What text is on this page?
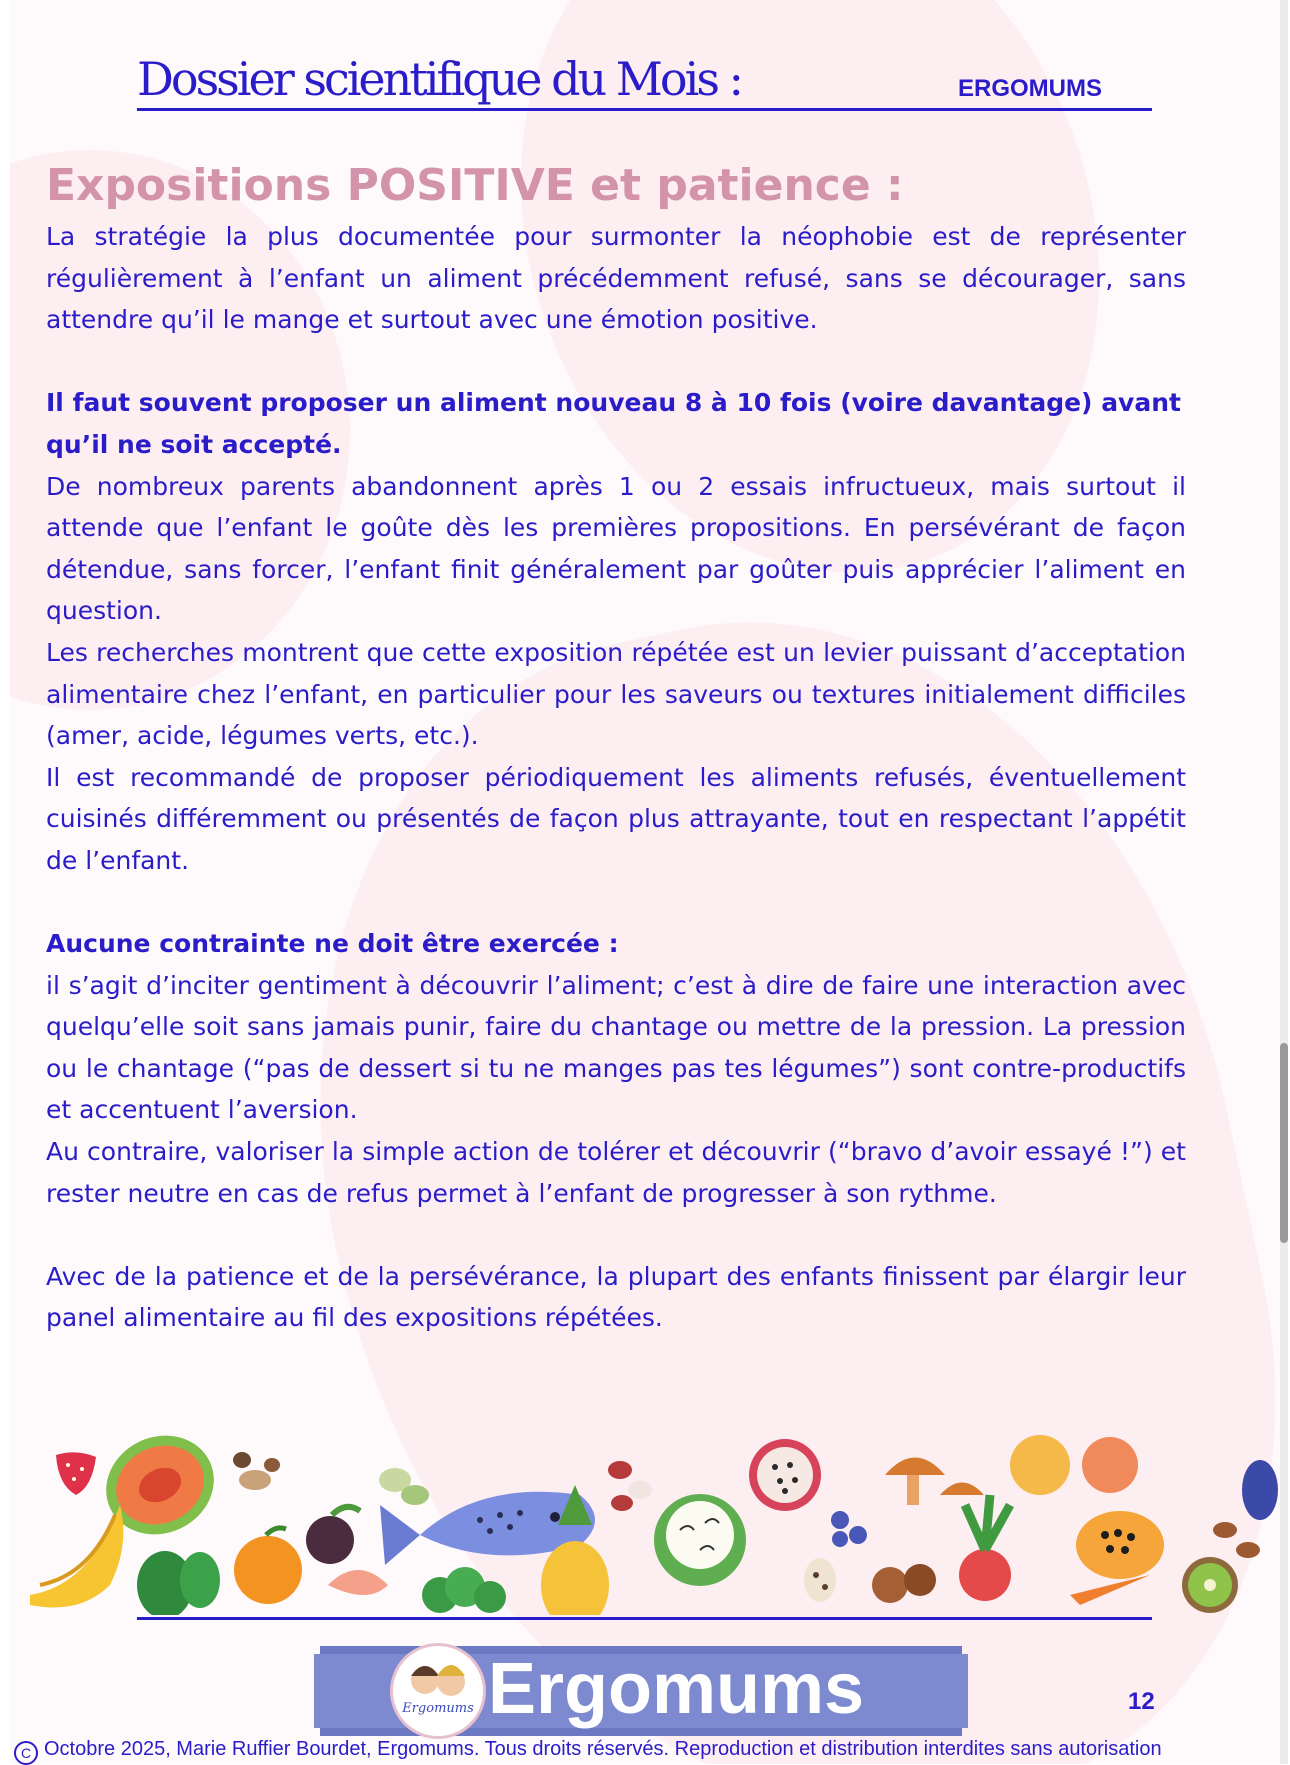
Dossier scientifique du Mois :	ERGOMUMS
Expositions POSITIVE et patience :

La stratégie la plus documentée pour surmonter la néophobie est de représenter régulièrement à l’enfant un aliment précédemment refusé, sans se décourager, sans attendre qu’il le mange et surtout avec une émotion positive.

Il faut souvent proposer un aliment nouveau 8 à 10 fois (voire davantage) avant qu’il ne soit accepté.

De nombreux parents abandonnent après 1 ou 2 essais infructueux, mais surtout il attende que l’enfant le goûte dès les premières propositions. En persévérant de façon détendue, sans forcer, l’enfant finit généralement par goûter puis apprécier l’aliment en question.

Les recherches montrent que cette exposition répétée est un levier puissant d’acceptation alimentaire chez l’enfant, en particulier pour les saveurs ou textures initialement difficiles (amer, acide, légumes verts, etc.).

Il est recommandé de proposer périodiquement les aliments refusés, éventuellement cuisinés différemment ou présentés de façon plus attrayante, tout en respectant l’appétit de l’enfant.

Aucune contrainte ne doit être exercée :

il s’agit d’inciter gentiment à découvrir l’aliment; c’est à dire de faire une interaction avec quelqu’elle soit sans jamais punir, faire du chantage ou mettre de la pression. La pression ou le chantage (“pas de dessert si tu ne manges pas tes légumes”) sont contre-productifs et accentuent l’aversion.

Au contraire, valoriser la simple action de tolérer et découvrir (“bravo d’avoir essayé !”) et rester neutre en cas de refus permet à l’enfant de progresser à son rythme.

Avec de la patience et de la persévérance, la plupart des enfants finissent par élargir leur panel alimentaire au fil des expositions répétées.

Ergomums Ergomums	12
C Octobre 2025, Marie Ruffier Bourdet, Ergomums. Tous droits réservés. Reproduction et distribution interdites sans autorisation
